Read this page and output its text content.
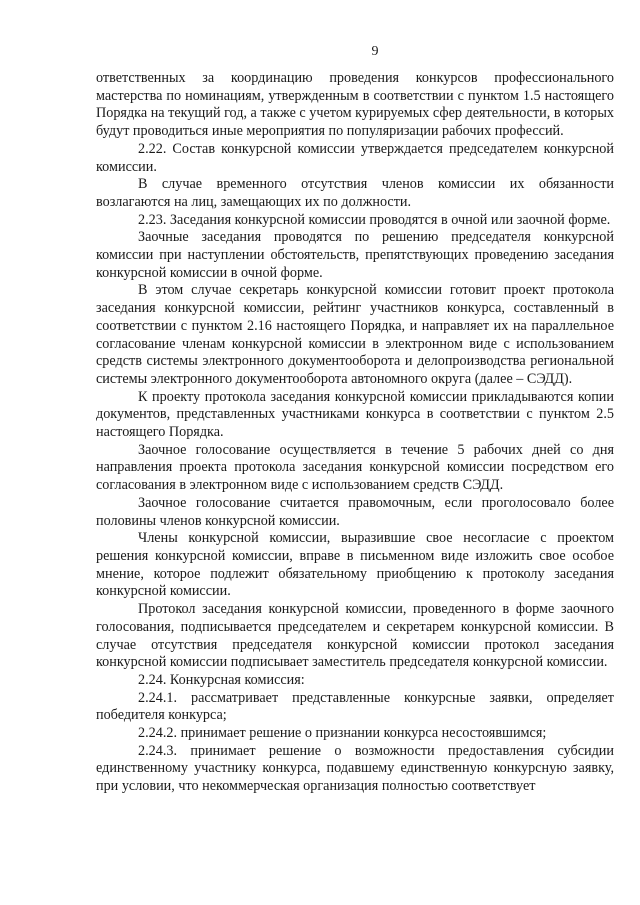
9

ответственных за координацию проведения конкурсов профессионального мастерства по номинациям, утвержденным в соответствии с пунктом 1.5 настоящего Порядка на текущий год, а также с учетом курируемых сфер деятельности, в которых будут проводиться иные мероприятия по популяризации рабочих профессий.

2.22. Состав конкурсной комиссии утверждается председателем конкурсной комиссии.

В случае временного отсутствия членов комиссии их обязанности возлагаются на лиц, замещающих их по должности.

2.23. Заседания конкурсной комиссии проводятся в очной или заочной форме.

Заочные заседания проводятся по решению председателя конкурсной комиссии при наступлении обстоятельств, препятствующих проведению заседания конкурсной комиссии в очной форме.

В этом случае секретарь конкурсной комиссии готовит проект протокола заседания конкурсной комиссии, рейтинг участников конкурса, составленный в соответствии с пунктом 2.16 настоящего Порядка, и направляет их на параллельное согласование членам конкурсной комиссии в электронном виде с использованием средств системы электронного документооборота и делопроизводства региональной системы электронного документооборота автономного округа (далее – СЭДД).

К проекту протокола заседания конкурсной комиссии прикладываются копии документов, представленных участниками конкурса в соответствии с пунктом 2.5 настоящего Порядка.

Заочное голосование осуществляется в течение 5 рабочих дней со дня направления проекта протокола заседания конкурсной комиссии посредством его согласования в электронном виде с использованием средств СЭДД.

Заочное голосование считается правомочным, если проголосовало более половины членов конкурсной комиссии.

Члены конкурсной комиссии, выразившие свое несогласие с проектом решения конкурсной комиссии, вправе в письменном виде изложить свое особое мнение, которое подлежит обязательному приобщению к протоколу заседания конкурсной комиссии.

Протокол заседания конкурсной комиссии, проведенного в форме заочного голосования, подписывается председателем и секретарем конкурсной комиссии. В случае отсутствия председателя конкурсной комиссии протокол заседания конкурсной комиссии подписывает заместитель председателя конкурсной комиссии.

2.24. Конкурсная комиссия:

2.24.1. рассматривает представленные конкурсные заявки, определяет победителя конкурса;

2.24.2. принимает решение о признании конкурса несостоявшимся;

2.24.3. принимает решение о возможности предоставления субсидии единственному участнику конкурса, подавшему единственную конкурсную заявку, при условии, что некоммерческая организация полностью соответствует
